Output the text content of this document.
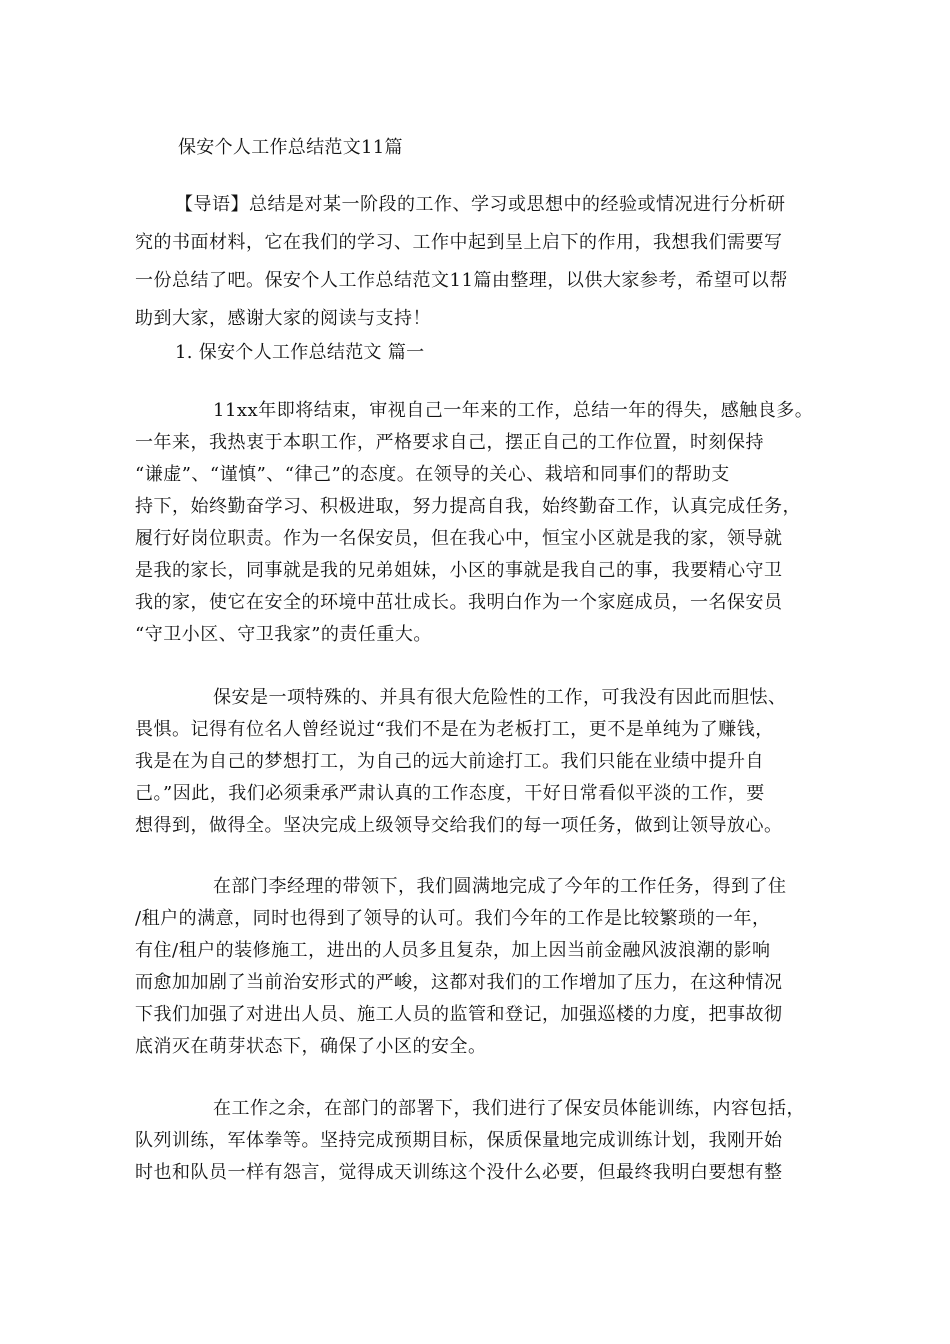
保安个人工作总结范文11篇
【导语】总结是对某一阶段的工作、学习或思想中的经验或情况进行分析研
究的书面材料，它在我们的学习、工作中起到呈上启下的作用，我想我们需要写
一份总结了吧。保安个人工作总结范文11篇由整理，以供大家参考，希望可以帮
助到大家，感谢大家的阅读与支持！
1. 保安个人工作总结范文 篇一
11xx年即将结束，审视自己一年来的工作，总结一年的得失，感触良多。
一年来，我热衷于本职工作，严格要求自己，摆正自己的工作位置，时刻保持
“谦虚”、“谨慎”、“律己”的态度。在领导的关心、栽培和同事们的帮助支
持下，始终勤奋学习、积极进取，努力提高自我，始终勤奋工作，认真完成任务，
履行好岗位职责。作为一名保安员，但在我心中，恒宝小区就是我的家，领导就
是我的家长，同事就是我的兄弟姐妹，小区的事就是我自己的事，我要精心守卫
我的家，使它在安全的环境中茁壮成长。我明白作为一个家庭成员，一名保安员
“守卫小区、守卫我家”的责任重大。
保安是一项特殊的、并具有很大危险性的工作，可我没有因此而胆怯、
畏惧。记得有位名人曾经说过“我们不是在为老板打工，更不是单纯为了赚钱，
我是在为自己的梦想打工，为自己的远大前途打工。我们只能在业绩中提升自
己。”因此，我们必须秉承严肃认真的工作态度，干好日常看似平淡的工作，要
想得到，做得全。坚决完成上级领导交给我们的每一项任务，做到让领导放心。
在部门李经理的带领下，我们圆满地完成了今年的工作任务，得到了住
/租户的满意，同时也得到了领导的认可。我们今年的工作是比较繁琐的一年，
有住/租户的装修施工，进出的人员多且复杂，加上因当前金融风波浪潮的影响
而愈加加剧了当前治安形式的严峻，这都对我们的工作增加了压力，在这种情况
下我们加强了对进出人员、施工人员的监管和登记，加强巡楼的力度，把事故彻
底消灭在萌芽状态下，确保了小区的安全。
在工作之余，在部门的部署下，我们进行了保安员体能训练，内容包括，
队列训练，军体拳等。坚持完成预期目标，保质保量地完成训练计划，我刚开始
时也和队员一样有怨言，觉得成天训练这个没什么必要，但最终我明白要想有整
